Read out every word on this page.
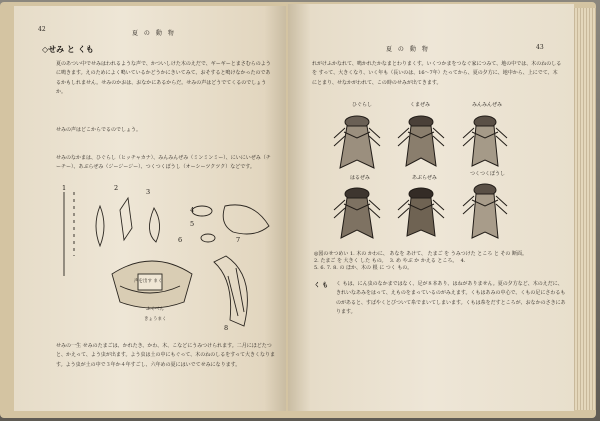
42
夏 の 動 物
◇せみ と くも

夏のあつい中でせみはわれるような声で、かついしけた木のえだで、ギーギーとまさむらのように鳴きます。えのためによく鳴いているかどうかにきいてみて、おそすると鳴けなかったのであるかもしれません。せみのかおは、おなかにあるからだ。せみの声はどうでてくるのでしょうか。

せみの声はどこからでるのでしょう。

せみのなかまは、ひぐらし（ヒッチャカナ）、みんみんぜみ（ミンミンミー）、にいにいぜみ（チーチー）、あぶらぜみ（ジージージー）、つくつくぼうし（オーシーツクツク）などです。

1	2	3
4
5
6	7
8
声を出す まく
ふくべん
きょうまく

せみの一生 せみのたまごは、かれたき、かわ、木、こなどにうみつけられます。二月にほどたつと、かえって、よう虫が出ます。よう虫は土の中にもぐって、木のねのしるをすって大きくなります。よう虫が土の中で３年か４年すごし、六年めの夏にはいでてせみになります。

夏 の 動 物	43

れがけふかなれて、鳴かれたかなまとわりまくす。いくつかまをつなぐ家につみて、地の中では、木のねのしるを すって、大きくなり、いく年も（長いのは、16～7年）たってから、夏の夕方に、地中から、上にでて、木にとまり、せなかがわれて、この時のせみが出てきます。

ひぐらし	くまぜみ	みんみんぜみ
はるぜみ	あぶらぜみ
つくつくぼうし
◎図のせつめい 1. 木の かわに、 あなを あけて、 たまご を うみつけた ところ と その 断面。
2. たまご を 大きく した もの。  3. め やぶ か かえる ところ。  4.
5. 6. 7. 8. の ほか、木の 根 に つく もの。
く も く もは、にん虫のなかまではなく、足が８本あり、はねがありません。夏の夕方など、木のえだに、きれいなあみをはって、えものをまっているのがみえます。くもはあみの中心で、くもの足にさわるものがあると、すばやくとびついて糸でまいてしまいます。くもは糸をだすところが、おなかのさきにあります。
